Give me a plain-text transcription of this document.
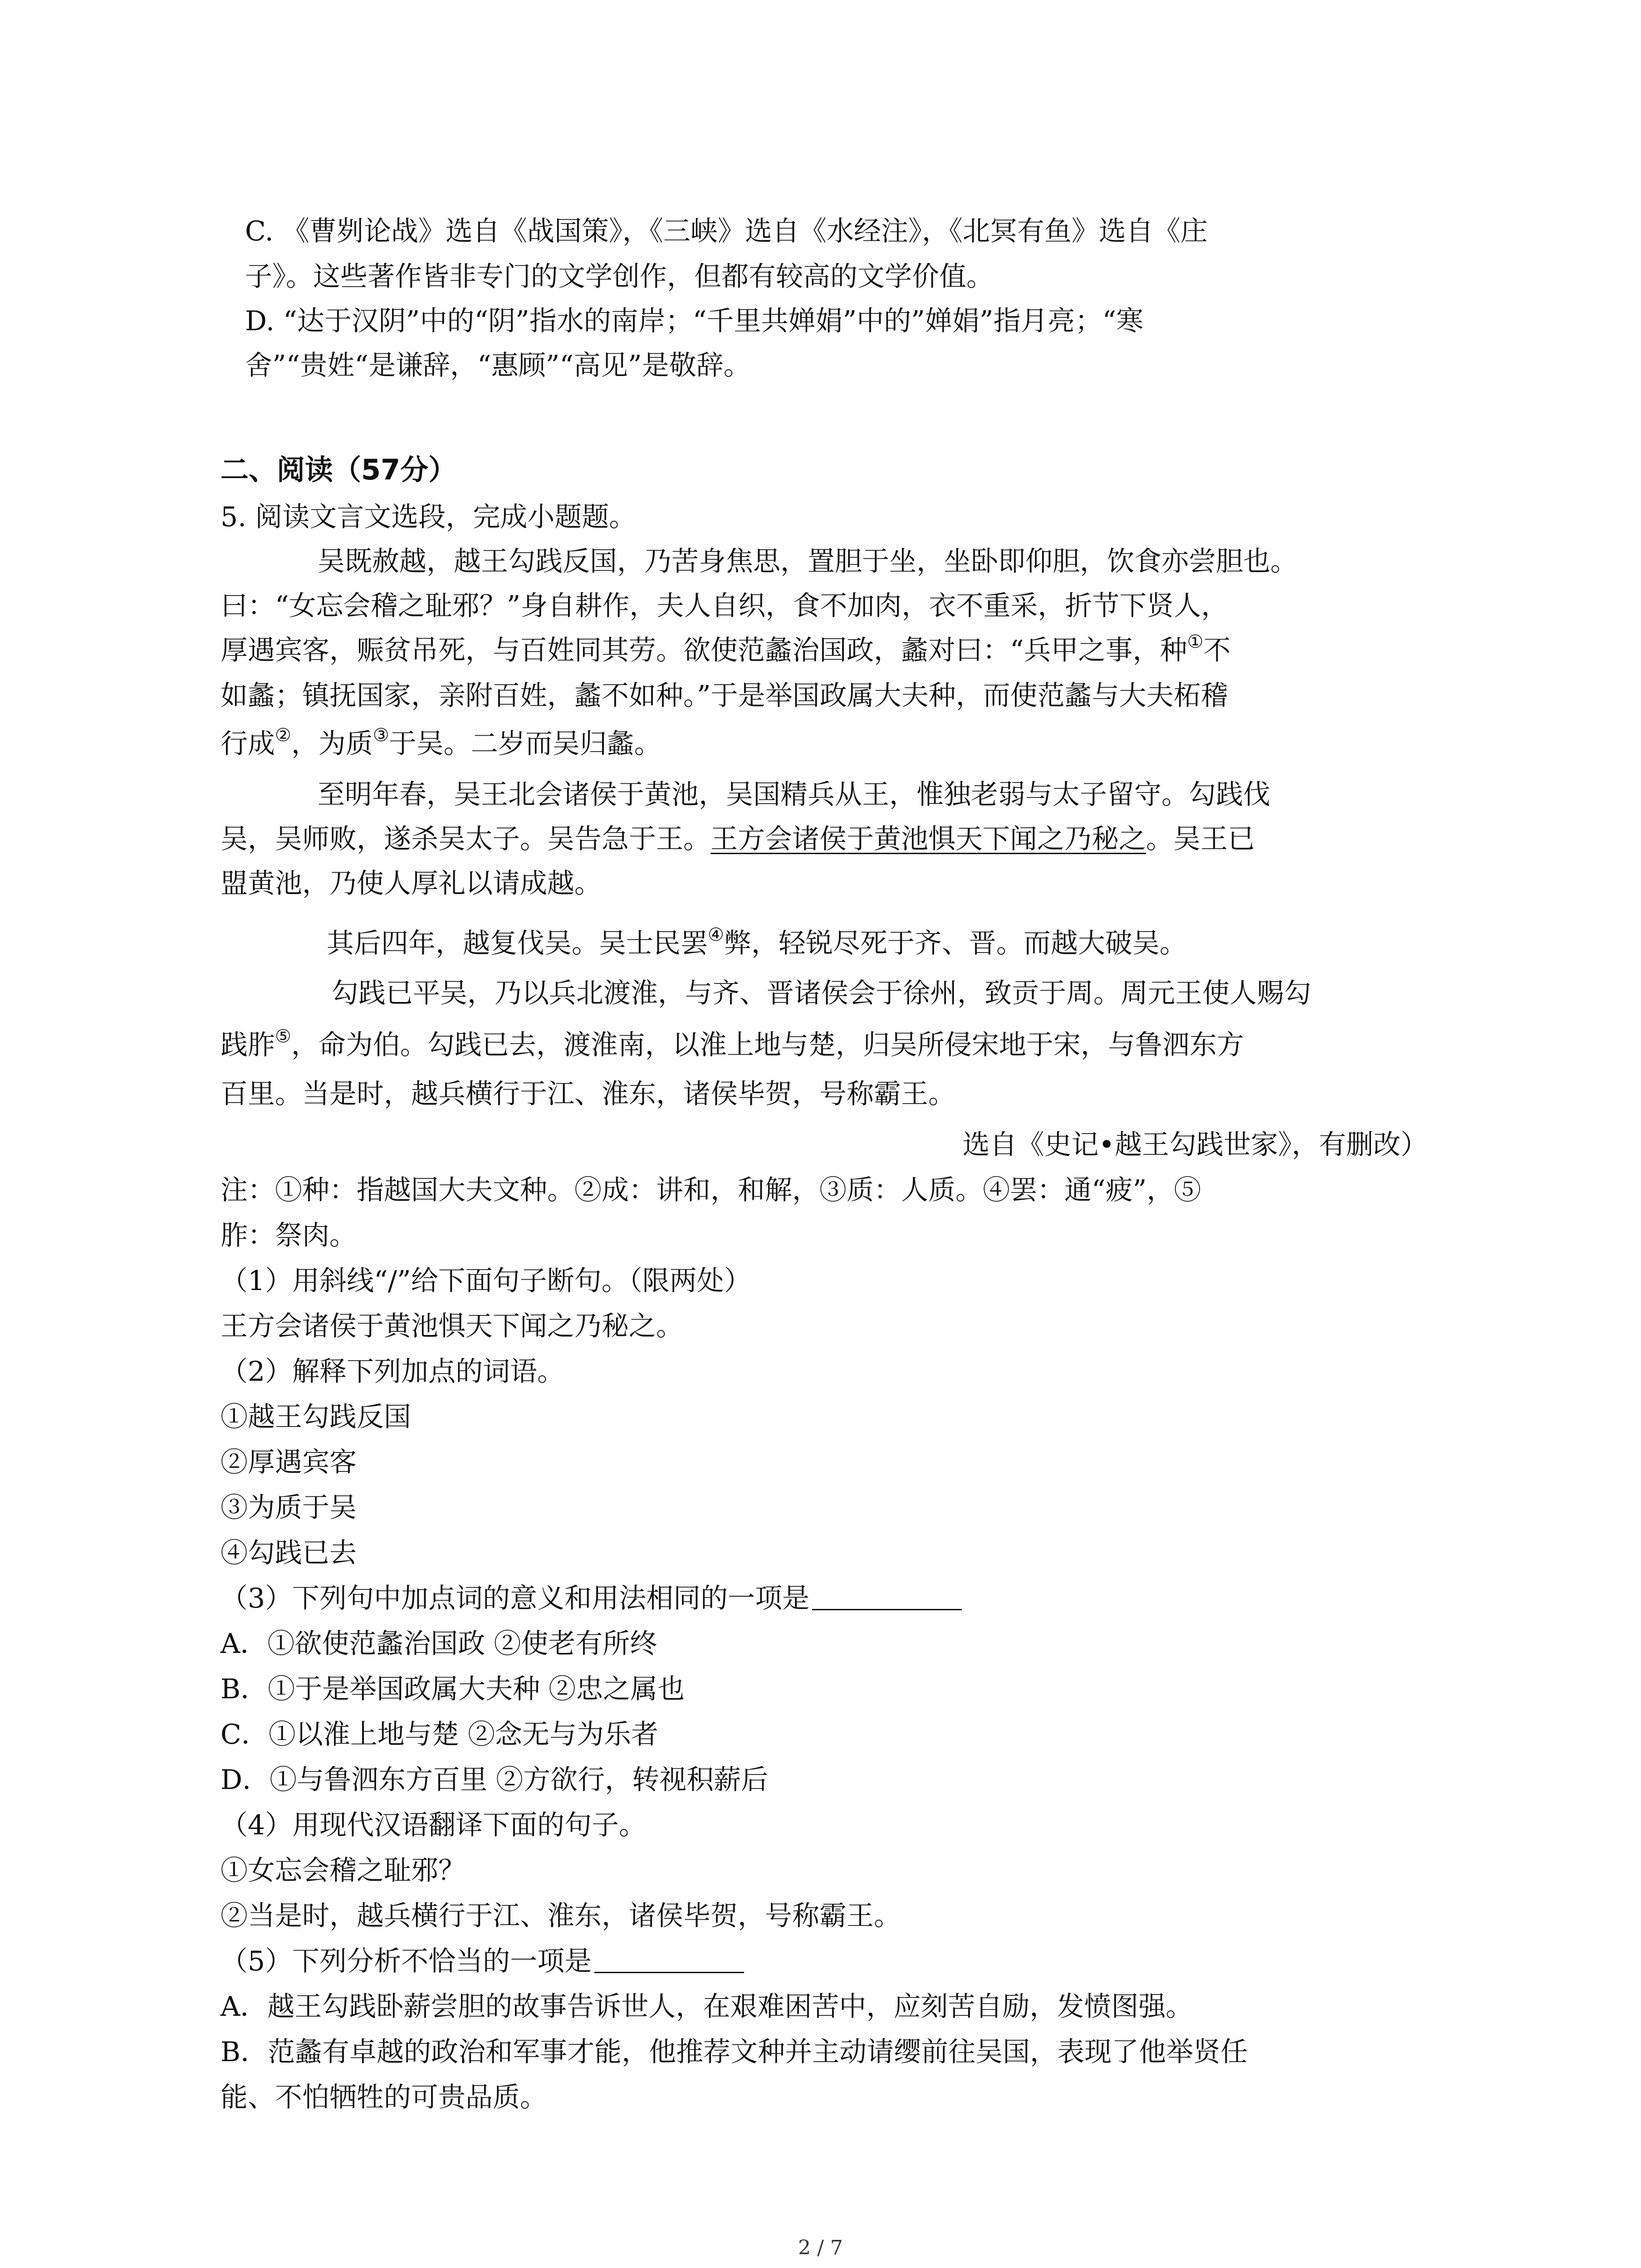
C. 《曹刿论战》选自《战国策》，《三峡》选自《水经注》，《北冥有鱼》选自《庄
子》。这些著作皆非专门的文学创作，但都有较高的文学价值。
D. “达于汉阴”中的“阴”指水的南岸；“千里共婵娟”中的”婵娟”指月亮；“寒
舍”“贵姓“是谦辞，“惠顾”“高见”是敬辞。
二、阅读（57分）
5. 阅读文言文选段，完成小题题。
吴既赦越，越王勾践反国，乃苦身焦思，置胆于坐，坐卧即仰胆，饮食亦尝胆也。
曰：“女忘会稽之耻邪？”身自耕作，夫人自织，食不加肉，衣不重采，折节下贤人，
厚遇宾客，赈贫吊死，与百姓同其劳。欲使范蠡治国政，蠡对曰：“兵甲之事，种①不
如蠡；镇抚国家，亲附百姓，蠡不如种。”于是举国政属大夫种，而使范蠡与大夫柘稽
行成②，为质③于吴。二岁而吴归蠡。
至明年春，吴王北会诸侯于黄池，吴国精兵从王，惟独老弱与太子留守。勾践伐
吴，吴师败，遂杀吴太子。吴告急于王。王方会诸侯于黄池惧天下闻之乃秘之。吴王已
盟黄池，乃使人厚礼以请成越。
其后四年，越复伐吴。吴士民罢④弊，轻锐尽死于齐、晋。而越大破吴。
勾践已平吴，乃以兵北渡淮，与齐、晋诸侯会于徐州，致贡于周。周元王使人赐勾
践胙⑤，命为伯。勾践已去，渡淮南，以淮上地与楚，归吴所侵宋地于宋，与鲁泗东方
百里。当是时，越兵横行于江、淮东，诸侯毕贺，号称霸王。
选自《史记•越王勾践世家》，有删改）
注：①种：指越国大夫文种。②成：讲和，和解，③质：人质。④罢：通“疲”，⑤
胙：祭肉。
（1）用斜线“/”给下面句子断句。（限两处）
王方会诸侯于黄池惧天下闻之乃秘之。
（2）解释下列加点的词语。
①越王勾践反国
②厚遇宾客
③为质于吴
④勾践已去
（3）下列句中加点词的意义和用法相同的一项是
A．①欲使范蠡治国政 ②使老有所终
B．①于是举国政属大夫种 ②忠之属也
C．①以淮上地与楚 ②念无与为乐者
D．①与鲁泗东方百里 ②方欲行，转视积薪后
（4）用现代汉语翻译下面的句子。
①女忘会稽之耻邪？
②当是时，越兵横行于江、淮东，诸侯毕贺，号称霸王。
（5）下列分析不恰当的一项是
A．越王勾践卧薪尝胆的故事告诉世人，在艰难困苦中，应刻苦自励，发愤图强。
B．范蠡有卓越的政治和军事才能，他推荐文种并主动请缨前往吴国，表现了他举贤任
能、不怕牺牲的可贵品质。
2 / 7
